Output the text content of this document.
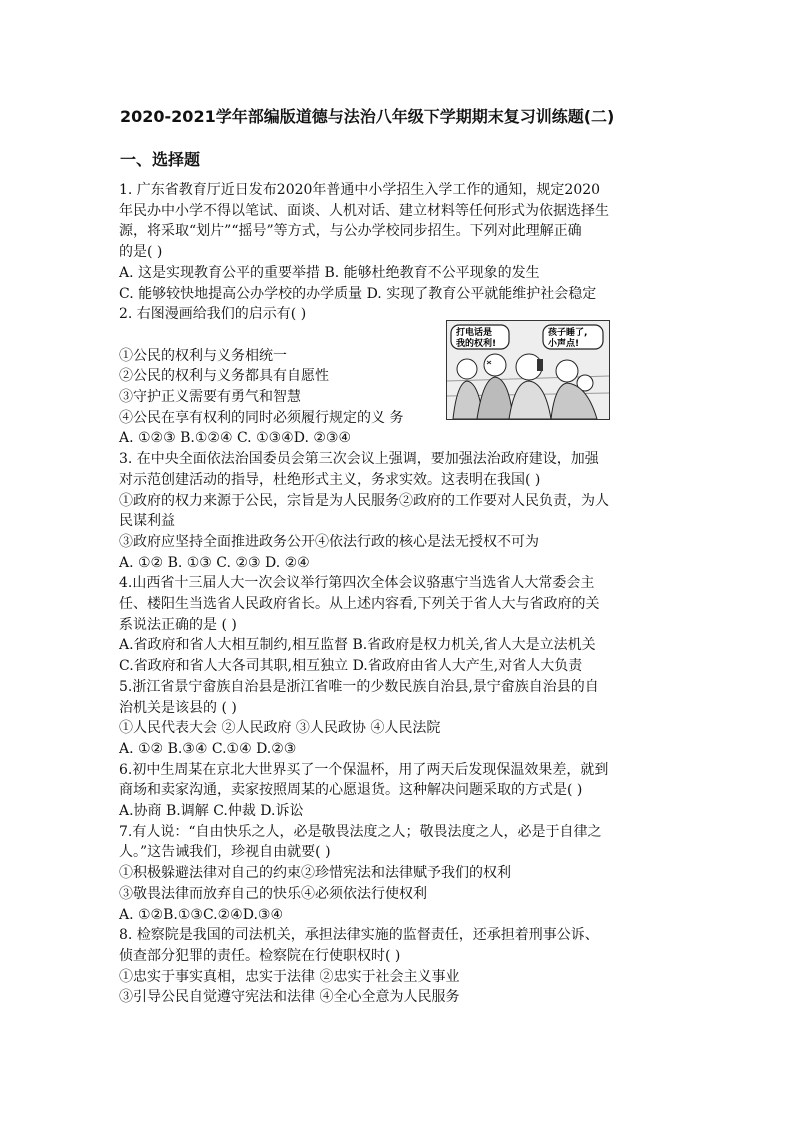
2020-2021学年部编版道德与法治八年级下学期期末复习训练题(二)
一、选择题
1. 广东省教育厅近日发布2020年普通中小学招生入学工作的通知，规定2020
年民办中小学不得以笔试、面谈、人机对话、建立材料等任何形式为依据选择生
源，将采取“划片”“摇号”等方式，与公办学校同步招生。下列对此理解正确
的是( )
A. 这是实现教育公平的重要举措 B. 能够杜绝教育不公平现象的发生
C. 能够较快地提高公办学校的办学质量 D. 实现了教育公平就能维护社会稳定
2. 右图漫画给我们的启示有( )
①公民的权利与义务相统一
②公民的权利与义务都具有自愿性
③守护正义需要有勇气和智慧
④公民在享有权利的同时必须履行规定的义 务
A. ①②③ B.①②④ C. ①③④D. ②③④
3. 在中央全面依法治国委员会第三次会议上强调，要加强法治政府建设，加强
对示范创建活动的指导，杜绝形式主义，务求实效。这表明在我国( )
①政府的权力来源于公民，宗旨是为人民服务②政府的工作要对人民负责，为人
民谋利益
③政府应坚持全面推进政务公开④依法行政的核心是法无授权不可为
A. ①② B. ①③ C. ②③ D. ②④
4.山西省十三届人大一次会议举行第四次全体会议骆惠宁当选省人大常委会主
任、楼阳生当选省人民政府省长。从上述内容看,下列关于省人大与省政府的关
系说法正确的是 ( )
A.省政府和省人大相互制约,相互监督 B.省政府是权力机关,省人大是立法机关
C.省政府和省人大各司其职,相互独立 D.省政府由省人大产生,对省人大负责
5.浙江省景宁畲族自治县是浙江省唯一的少数民族自治县,景宁畲族自治县的自
治机关是该县的 ( )
①人民代表大会 ②人民政府 ③人民政协 ④人民法院
A. ①② B.③④ C.①④ D.②③
6.初中生周某在京北大世界买了一个保温杯，用了两天后发现保温效果差，就到
商场和卖家沟通，卖家按照周某的心愿退货。这种解决问题采取的方式是( )
A.协商 B.调解 C.仲裁 D.诉讼
7.有人说：“自由快乐之人，必是敬畏法度之人；敬畏法度之人，必是于自律之
人。”这告诫我们，珍视自由就要( )
①积极躲避法律对自己的约束②珍惜宪法和法律赋予我们的权利
③敬畏法律而放弃自己的快乐④必须依法行使权利
A. ①②B.①③C.②④D.③④
8. 检察院是我国的司法机关，承担法律实施的监督责任，还承担着刑事公诉、
侦查部分犯罪的责任。检察院在行使职权时( )
①忠实于事实真相，忠实于法律 ②忠实于社会主义事业
③引导公民自觉遵守宪法和法律 ④全心全意为人民服务
打电话是
我的权利!
孩子睡了,
小声点!
